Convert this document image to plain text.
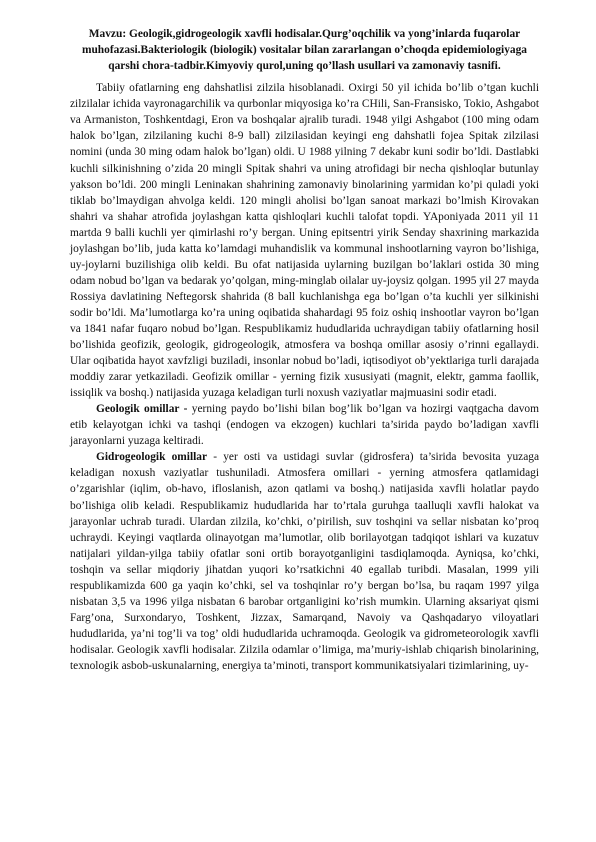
Mavzu: Geologik,gidrogeologik xavfli hodisalar.Qurg’oqchilik va yong’inlarda fuqarolar muhofazasi.Bakteriologik (biologik) vositalar bilan zararlangan o’choqda epidemiologiyaga qarshi chora-tadbir.Kimyoviy qurol,uning qo’llash usullari va zamonaviy tasnifi.

Tabiiy ofatlarning eng dahshatlisi zilzila hisoblanadi. Oxirgi 50 yil ichida bo’lib o’tgan kuchli zilzilalar ichida vayronagarchilik va qurbonlar miqyosiga ko’ra CHili, San-Fransisko, Tokio, Ashgabot va Armaniston, Toshkentdagi, Eron va boshqalar ajralib turadi. 1948 yilgi Ashgabot (100 ming odam halok bo’lgan, zilzilaning kuchi 8-9 ball) zilzilasidan keyingi eng dahshatli fojea Spitak zilzilasi nomini (unda 30 ming odam halok bo’lgan) oldi. U 1988 yilning 7 dekabr kuni sodir bo’ldi. Dastlabki kuchli silkinishning o’zida 20 mingli Spitak shahri va uning atrofidagi bir necha qishloqlar butunlay yakson bo’ldi. 200 mingli Leninakan shahrining zamonaviy binolarining yarmidan ko’pi quladi yoki tiklab bo’lmaydigan ahvolga keldi. 120 mingli aholisi bo’lgan sanoat markazi bo’lmish Kirovakan shahri va shahar atrofida joylashgan katta qishloqlari kuchli talofat topdi. YAponiyada 2011 yil 11 martda 9 balli kuchli yer qimirlashi ro’y bergan. Uning epitsentri yirik Senday shaxrining markazida joylashgan bo’lib, juda katta ko’lamdagi muhandislik va kommunal inshootlarning vayron bo’lishiga, uy-joylarni buzilishiga olib keldi. Bu ofat natijasida uylarning buzilgan bo’laklari ostida 30 ming odam nobud bo’lgan va bedarak yo’qolgan, ming-minglab oilalar uy-joysiz qolgan. 1995 yil 27 mayda Rossiya davlatining Neftegorsk shahrida (8 ball kuchlanishga ega bo’lgan o’ta kuchli yer silkinishi sodir bo’ldi. Ma’lumotlarga ko’ra uning oqibatida shahardagi 95 foiz oshiq inshootlar vayron bo’lgan va 1841 nafar fuqaro nobud bo’lgan. Respublikamiz hududlarida uchraydigan tabiiy ofatlarning hosil bo’lishida geofizik, geologik, gidrogeologik, atmosfera va boshqa omillar asosiy o’rinni egallaydi. Ular oqibatida hayot xavfzligi buziladi, insonlar nobud bo’ladi, iqtisodiyot ob’yektlariga turli darajada moddiy zarar yetkaziladi. Geofizik omillar - yerning fizik xususiyati (magnit, elektr, gamma faollik, issiqlik va boshq.) natijasida yuzaga keladigan turli noxush vaziyatlar majmuasini sodir etadi.

Geologik omillar - yerning paydo bo’lishi bilan bog’lik bo’lgan va hozirgi vaqtgacha davom etib kelayotgan ichki va tashqi (endogen va ekzogen) kuchlari ta’sirida paydo bo’ladigan xavfli jarayonlarni yuzaga keltiradi.

Gidrogeologik omillar - yer osti va ustidagi suvlar (gidrosfera) ta’sirida bevosita yuzaga keladigan noxush vaziyatlar tushuniladi. Atmosfera omillari - yerning atmosfera qatlamidagi o’zgarishlar (iqlim, ob-havo, ifloslanish, azon qatlami va boshq.) natijasida xavfli holatlar paydo bo’lishiga olib keladi. Respublikamiz hududlarida har to’rtala guruhga taalluqli xavfli halokat va jarayonlar uchrab turadi. Ulardan zilzila, ko’chki, o’pirilish, suv toshqini va sellar nisbatan ko’proq uchraydi. Keyingi vaqtlarda olinayotgan ma’lumotlar, olib borilayotgan tadqiqot ishlari va kuzatuv natijalari yildan-yilga tabiiy ofatlar soni ortib borayotganligini tasdiqlamoqda. Ayniqsa, ko’chki, toshqin va sellar miqdoriy jihatdan yuqori ko’rsatkichni 40 egallab turibdi. Masalan, 1999 yili respublikamizda 600 ga yaqin ko’chki, sel va toshqinlar ro’y bergan bo’lsa, bu raqam 1997 yilga nisbatan 3,5 va 1996 yilga nisbatan 6 barobar ortganligini ko’rish mumkin. Ularning aksariyat qismi Farg’ona, Surxondaryo, Toshkent, Jizzax, Samarqand, Navoiy va Qashqadaryo viloyatlari hududlarida, ya’ni tog’li va tog’ oldi hududlarida uchramoqda. Geologik va gidrometeorologik xavfli hodisalar. Geologik xavfli hodisalar. Zilzila odamlar o’limiga, ma’muriy-ishlab chiqarish binolarining, texnologik asbob-uskunalarning, energiya ta’minoti, transport kommunikatsiyalari tizimlarining, uy-
